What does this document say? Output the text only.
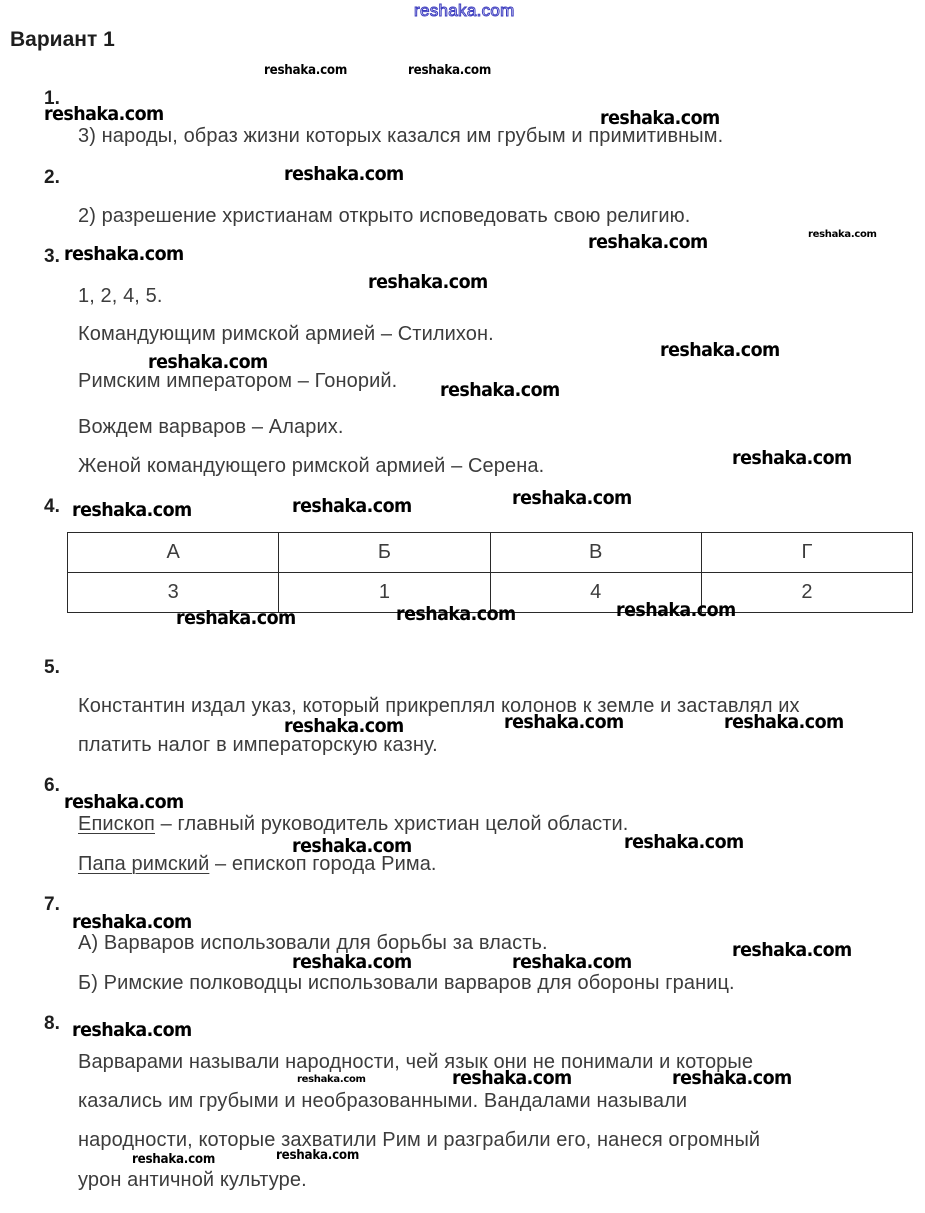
reshaka.com
Вариант 1
1.
3) народы, образ жизни которых казался им грубым и примитивным.
2.
2) разрешение христианам открыто исповедовать свою религию.
3.
1, 2, 4, 5.
Командующим римской армией – Стилихон.
Римским императором – Гонорий.
Вождем варваров – Аларих.
Женой командующего римской армией – Серена.
4.
А	Б	В	Г
3	1	4	2
5.
Константин издал указ, который прикреплял колонов к земле и заставлял их
платить налог в императорскую казну.
6.
Епископ – главный руководитель христиан целой области.
Папа римский – епископ города Рима.
7.
А) Варваров использовали для борьбы за власть.
Б) Римские полководцы использовали варваров для обороны границ.
8.
Варварами называли народности, чей язык они не понимали и которые
казались им грубыми и необразованными. Вандалами называли
народности, которые захватили Рим и разграбили его, нанеся огромный
урон античной культуре.
reshaka.com	reshaka.com
reshaka.com	reshaka.com
reshaka.com
reshaka.com
reshaka.com
reshaka.com
reshaka.com
reshaka.com
reshaka.com
reshaka.com
reshaka.com
reshaka.com
reshaka.com	reshaka.com
reshaka.com
reshaka.com	reshaka.com
reshaka.com	reshaka.com	reshaka.com
reshaka.com
reshaka.com	reshaka.com
reshaka.com
reshaka.com
reshaka.com	reshaka.com
reshaka.com
reshaka.com	reshaka.com	reshaka.com
reshaka.com	reshaka.com
